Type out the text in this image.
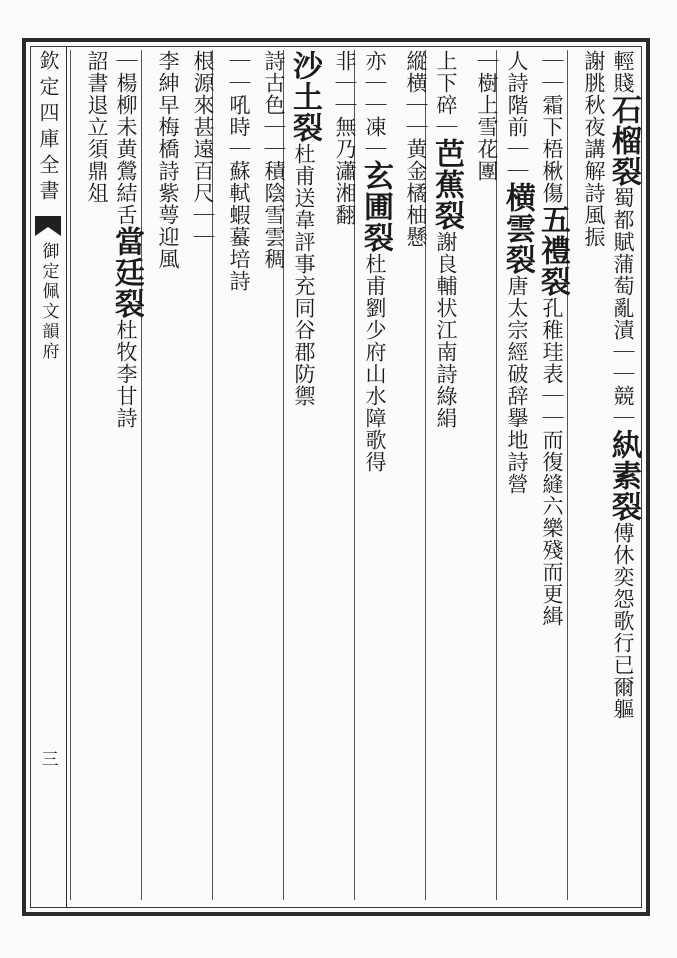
欽定四庫全書
御定佩文韻府
三
輕賤石榴裂蜀都賦蒲萄亂漬｜｜競｜紈素裂傅休奕怨歌行已爾軀
謝朓秋夜講解詩風振
｜｜霜下梧楸傷五禮裂孔稚珪表｜｜而復縫六樂殘而更緝
人詩階前｜｜横雲裂唐太宗經破辞擧地詩營
｜樹上雪花團
上下碎｜芭蕉裂謝良輔状江南詩綠絹
縱横｜｜黄金橘柚懸
亦｜｜凍｜玄圃裂杜甫劉少府山水障歌得
非｜｜無乃瀟湘翻
沙土裂杜甫送韋評事充同谷郡防禦
詩古色｜｜積陰雪雲稠
｜｜吼時｜蘇軾蝦蟇培詩
根源來甚遠百尺｜｜
李紳早梅橋詩紫萼迎風
｜楊柳未黄鶯結舌當廷裂杜牧李甘詩
詔書退立須鼎俎
